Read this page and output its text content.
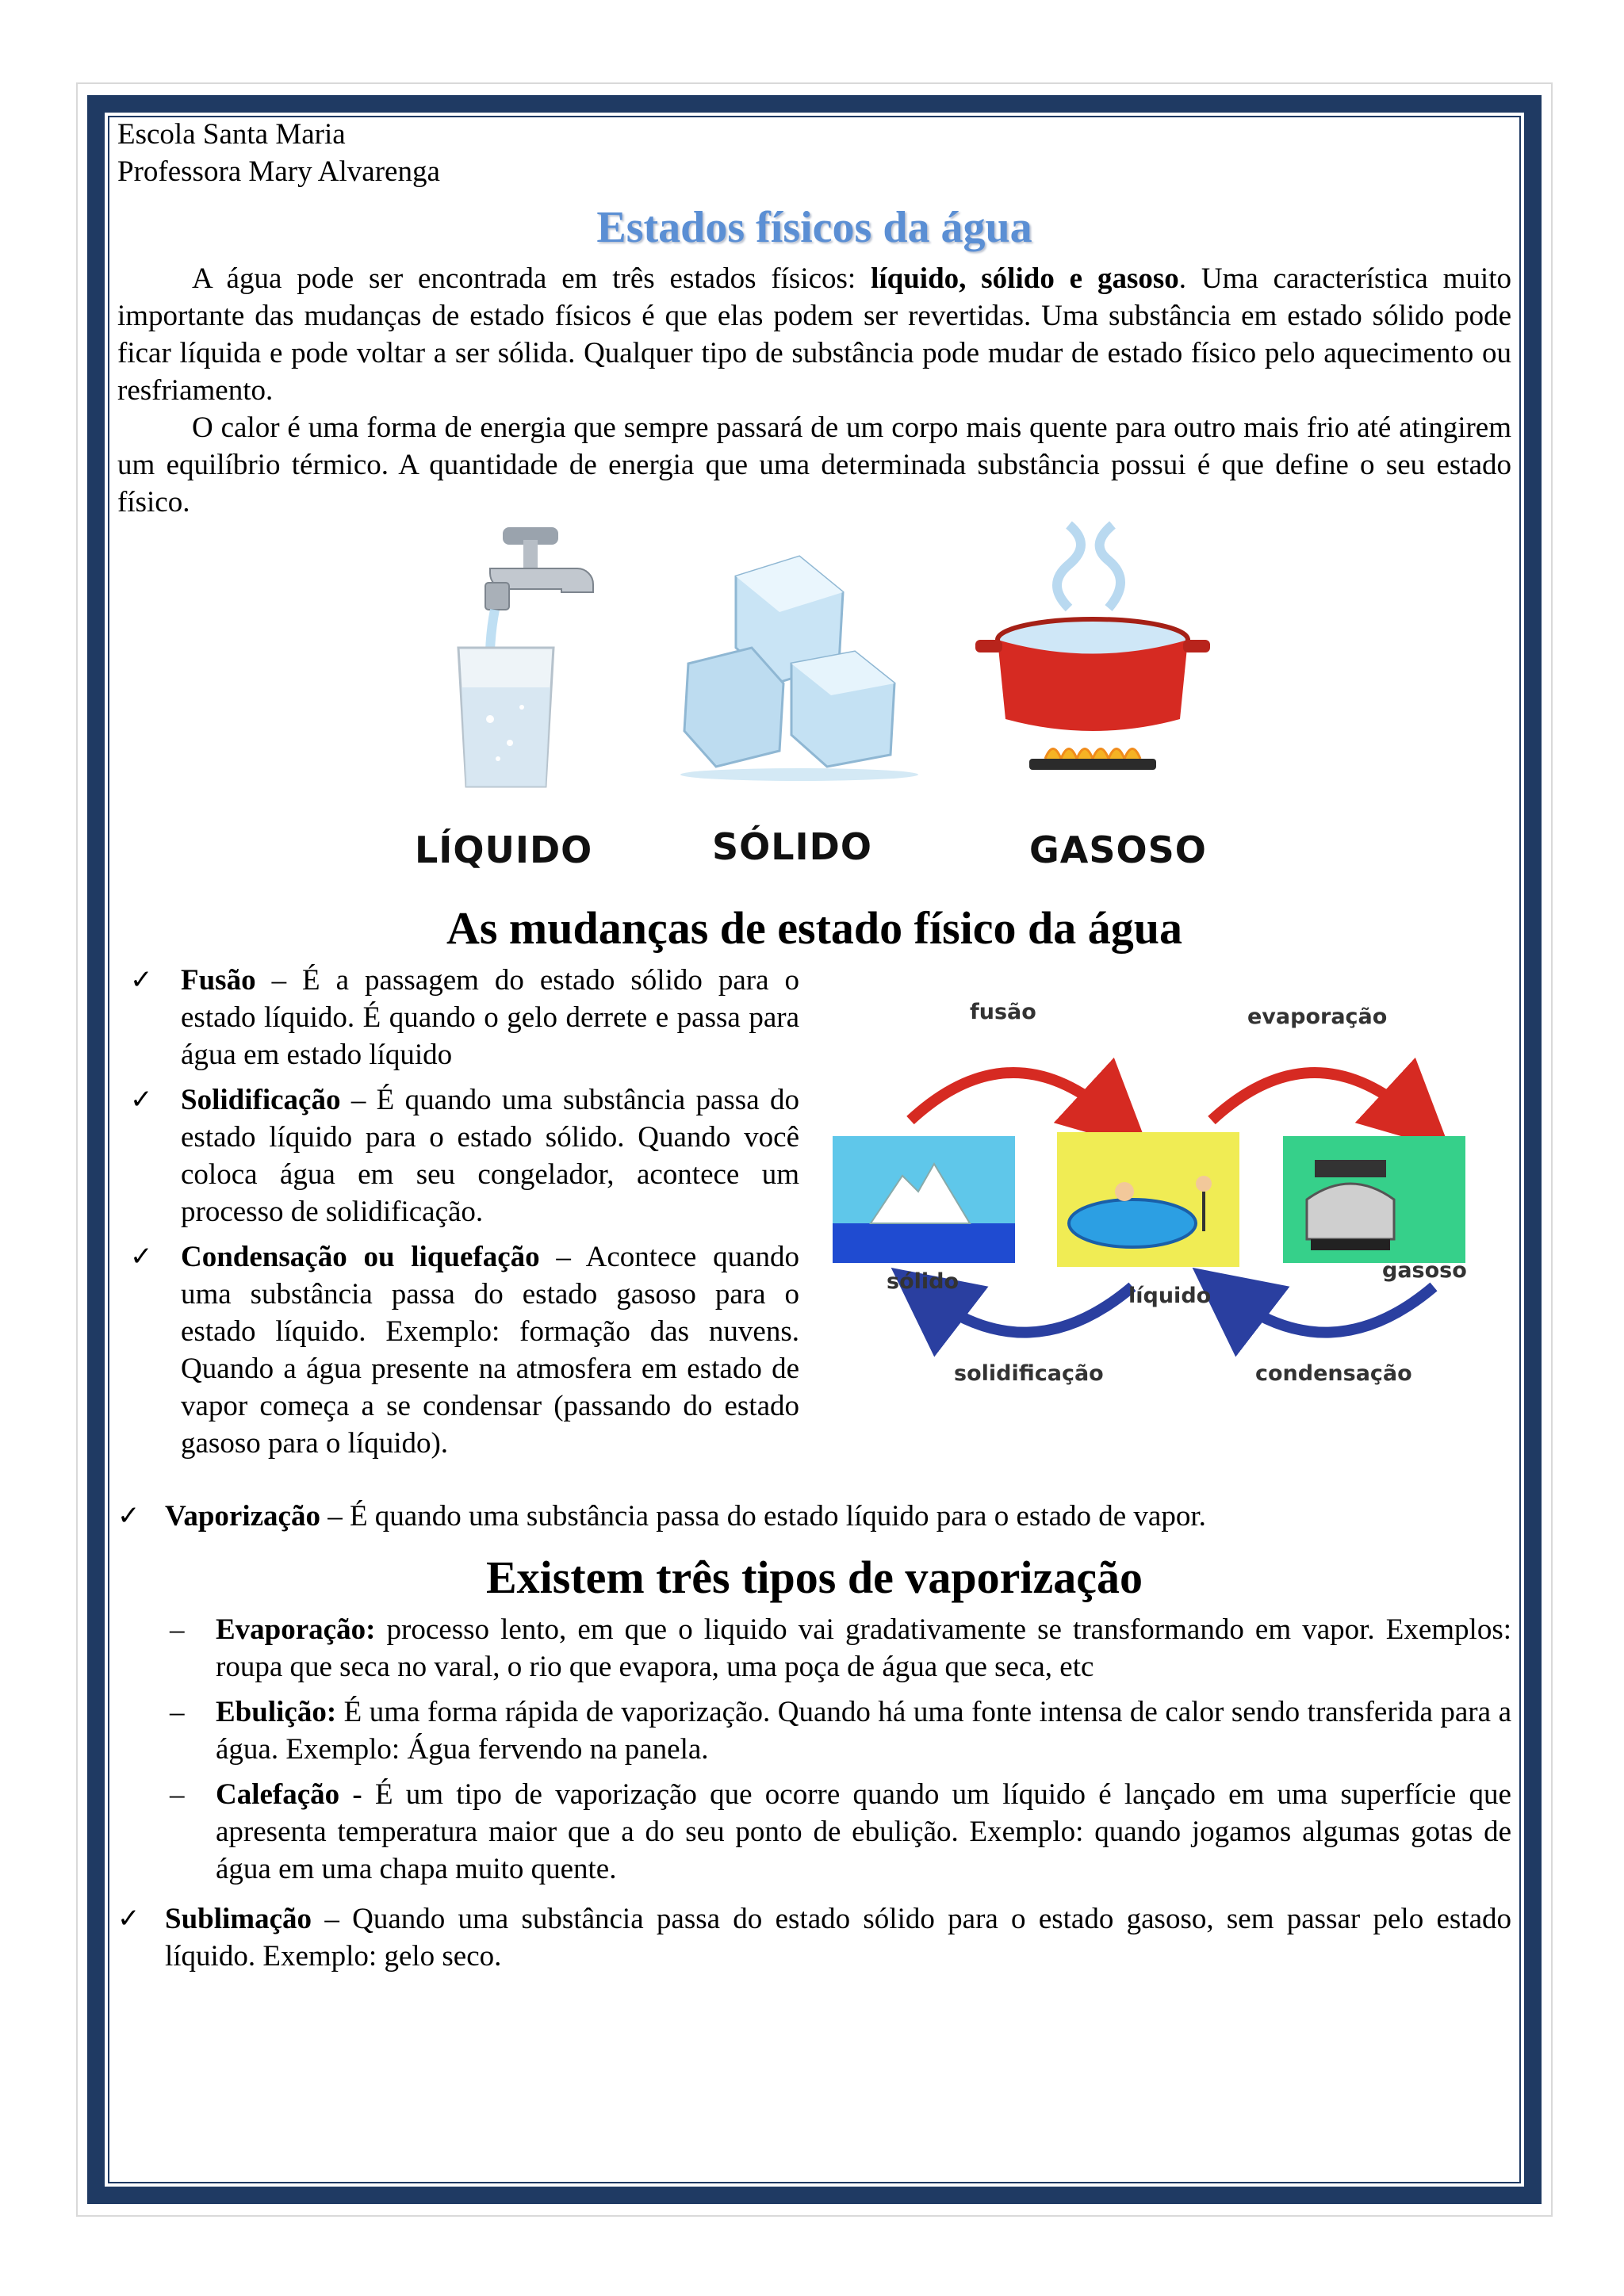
Escola Santa Maria
Professora Mary Alvarenga
Estados físicos da água

A água pode ser encontrada em três estados físicos: líquido, sólido e gasoso. Uma característica muito importante das mudanças de estado físicos é que elas podem ser revertidas. Uma substância em estado sólido pode ficar líquida e pode voltar a ser sólida. Qualquer tipo de substância pode mudar de estado físico pelo aquecimento ou resfriamento.

O calor é uma forma de energia que sempre passará de um corpo mais quente para outro mais frio até atingirem um equilíbrio térmico. A quantidade de energia que uma determinada substância possui é que define o seu estado físico.

LÍQUIDO	SÓLIDO	GASOSO
As mudanças de estado físico da água
✓ Fusão – É a passagem do estado sólido para o estado líquido. É quando o gelo derrete e passa para água em estado líquido
✓ Solidificação – É quando uma substância passa do estado líquido para o estado sólido. Quando você coloca água em seu congelador, acontece um processo de solidificação.
✓ Condensação ou liquefação – Acontece quando uma substância passa do estado gasoso para o estado líquido. Exemplo: formação das nuvens. Quando a água presente na atmosfera em estado de vapor começa a se condensar (passando do estado gasoso para o líquido).
fusão	evaporação
sólido
líquido
gasoso
solidificação	condensação
✓ Vaporização – É quando uma substância passa do estado líquido para o estado de vapor.
Existem três tipos de vaporização
– Evaporação: processo lento, em que o liquido vai gradativamente se transformando em vapor. Exemplos: roupa que seca no varal, o rio que evapora, uma poça de água que seca, etc
– Ebulição: É uma forma rápida de vaporização. Quando há uma fonte intensa de calor sendo transferida para a água. Exemplo: Água fervendo na panela.
– Calefação - É um tipo de vaporização que ocorre quando um líquido é lançado em uma superfície que apresenta temperatura maior que a do seu ponto de ebulição. Exemplo: quando jogamos algumas gotas de água em uma chapa muito quente.
✓ Sublimação – Quando uma substância passa do estado sólido para o estado gasoso, sem passar pelo estado líquido. Exemplo: gelo seco.
